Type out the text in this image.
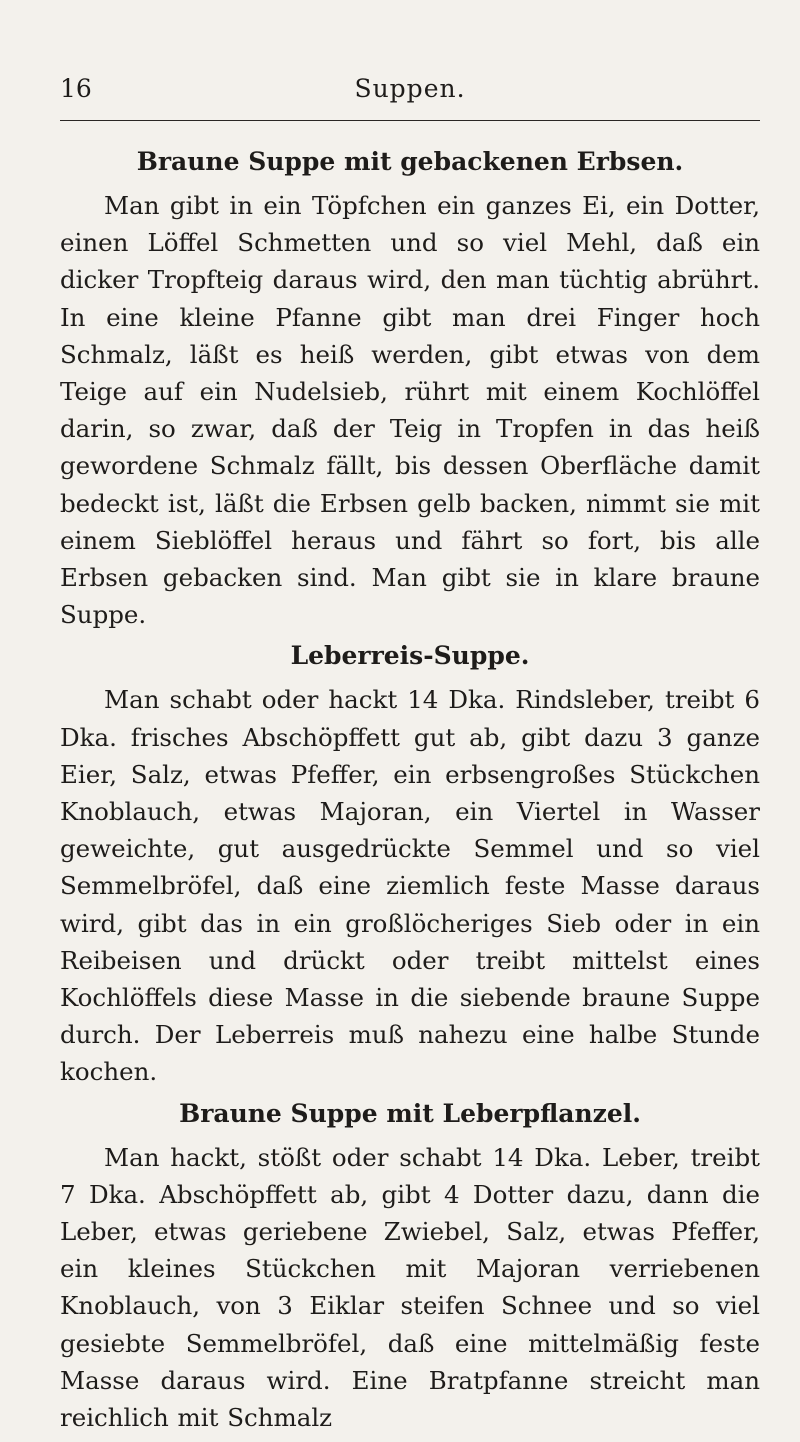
16	Suppen.
Braune Suppe mit gebackenen Erbsen.

Man gibt in ein Töpfchen ein ganzes Ei, ein Dotter, einen Löffel Schmetten und so viel Mehl, daß ein dicker Tropfteig daraus wird, den man tüchtig abrührt. In eine kleine Pfanne gibt man drei Finger hoch Schmalz, läßt es heiß werden, gibt etwas von dem Teige auf ein Nudelsieb, rührt mit einem Kochlöffel darin, so zwar, daß der Teig in Tropfen in das heiß gewordene Schmalz fällt, bis dessen Oberfläche damit bedeckt ist, läßt die Erbsen gelb backen, nimmt sie mit einem Sieblöffel heraus und fährt so fort, bis alle Erbsen gebacken sind. Man gibt sie in klare braune Suppe.

Leberreis-Suppe.

Man schabt oder hackt 14 Dka. Rindsleber, treibt 6 Dka. frisches Abschöpffett gut ab, gibt dazu 3 ganze Eier, Salz, etwas Pfeffer, ein erbsengroßes Stückchen Knoblauch, etwas Majoran, ein Viertel in Wasser geweichte, gut ausgedrückte Semmel und so viel Semmelbröfel, daß eine ziemlich feste Masse daraus wird, gibt das in ein großlöcheriges Sieb oder in ein Reibeisen und drückt oder treibt mittelst eines Kochlöffels diese Masse in die siebende braune Suppe durch. Der Leberreis muß nahezu eine halbe Stunde kochen.

Braune Suppe mit Leberpflanzel.

Man hackt, stößt oder schabt 14 Dka. Leber, treibt 7 Dka. Abschöpffett ab, gibt 4 Dotter dazu, dann die Leber, etwas geriebene Zwiebel, Salz, etwas Pfeffer, ein kleines Stückchen mit Majoran verriebenen Knoblauch, von 3 Eiklar steifen Schnee und so viel gesiebte Semmelbröfel, daß eine mittelmäßig feste Masse daraus wird. Eine Bratpfanne streicht man reichlich mit Schmalz
